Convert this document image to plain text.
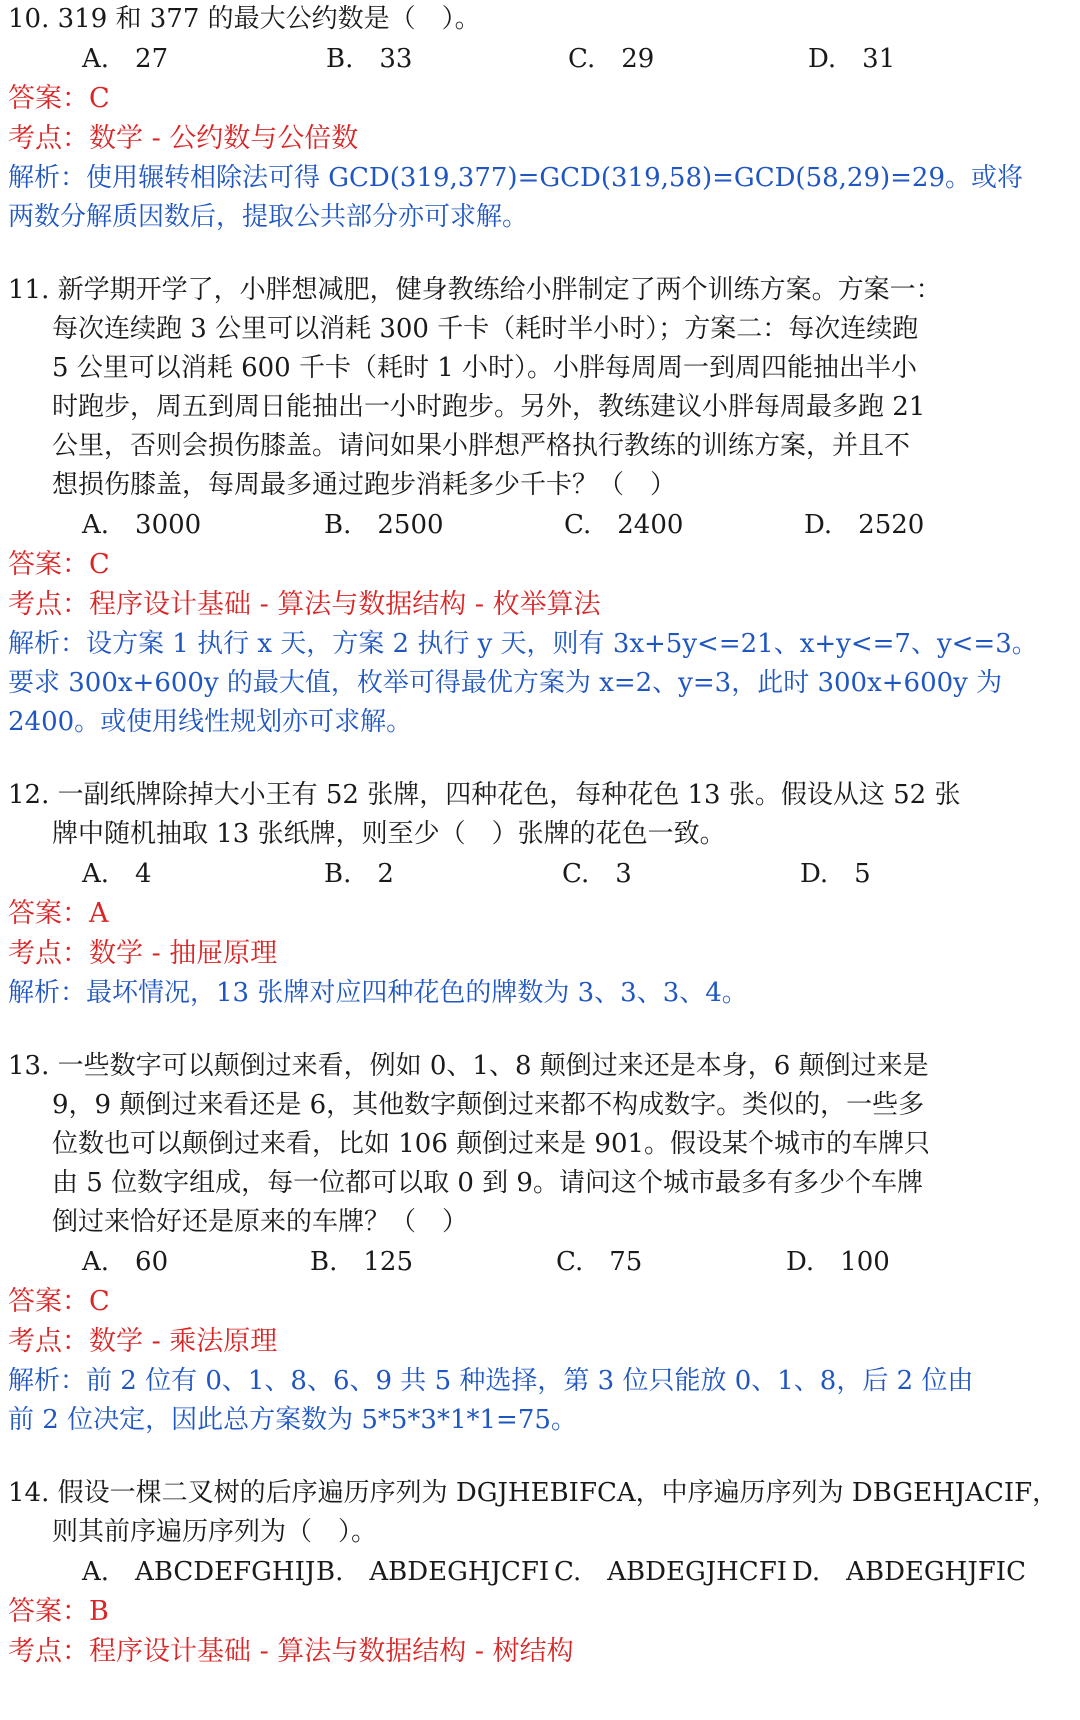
10. 319 和 377 的最大公约数是（　）。
A.　27	B.　33	C.　29	D.　31
答案：C
考点：数学 - 公约数与公倍数
解析：使用辗转相除法可得 GCD(319,377)=GCD(319,58)=GCD(58,29)=29。或将
两数分解质因数后，提取公共部分亦可求解。
11. 新学期开学了，小胖想减肥，健身教练给小胖制定了两个训练方案。方案一：
每次连续跑 3 公里可以消耗 300 千卡（耗时半小时）；方案二：每次连续跑
5 公里可以消耗 600 千卡（耗时 1 小时）。小胖每周周一到周四能抽出半小
时跑步，周五到周日能抽出一小时跑步。另外，教练建议小胖每周最多跑 21
公里，否则会损伤膝盖。请问如果小胖想严格执行教练的训练方案，并且不
想损伤膝盖，每周最多通过跑步消耗多少千卡？（　）
A.　3000	B.　2500	C.　2400	D.　2520
答案：C
考点：程序设计基础 - 算法与数据结构 - 枚举算法
解析：设方案 1 执行 x 天，方案 2 执行 y 天，则有 3x+5y<=21、x+y<=7、y<=3。
要求 300x+600y 的最大值，枚举可得最优方案为 x=2、y=3，此时 300x+600y 为
2400。或使用线性规划亦可求解。
12. 一副纸牌除掉大小王有 52 张牌，四种花色，每种花色 13 张。假设从这 52 张
牌中随机抽取 13 张纸牌，则至少（　）张牌的花色一致。
A.　4	B.　2	C.　3	D.　5
答案：A
考点：数学 - 抽屉原理
解析：最坏情况，13 张牌对应四种花色的牌数为 3、3、3、4。
13. 一些数字可以颠倒过来看，例如 0、1、8 颠倒过来还是本身，6 颠倒过来是
9，9 颠倒过来看还是 6，其他数字颠倒过来都不构成数字。类似的，一些多
位数也可以颠倒过来看，比如 106 颠倒过来是 901。假设某个城市的车牌只
由 5 位数字组成，每一位都可以取 0 到 9。请问这个城市最多有多少个车牌
倒过来恰好还是原来的车牌？（　）
A.　60	B.　125	C.　75	D.　100
答案：C
考点：数学 - 乘法原理
解析：前 2 位有 0、1、8、6、9 共 5 种选择，第 3 位只能放 0、1、8，后 2 位由
前 2 位决定，因此总方案数为 5*5*3*1*1=75。
14. 假设一棵二叉树的后序遍历序列为 DGJHEBIFCA，中序遍历序列为 DBGEHJACIF，
则其前序遍历序列为（　）。
A.　ABCDEFGHIJ B.　ABDEGHJCFI C.　ABDEGJHCFI D.　ABDEGHJFIC
答案：B
考点：程序设计基础 - 算法与数据结构 - 树结构
